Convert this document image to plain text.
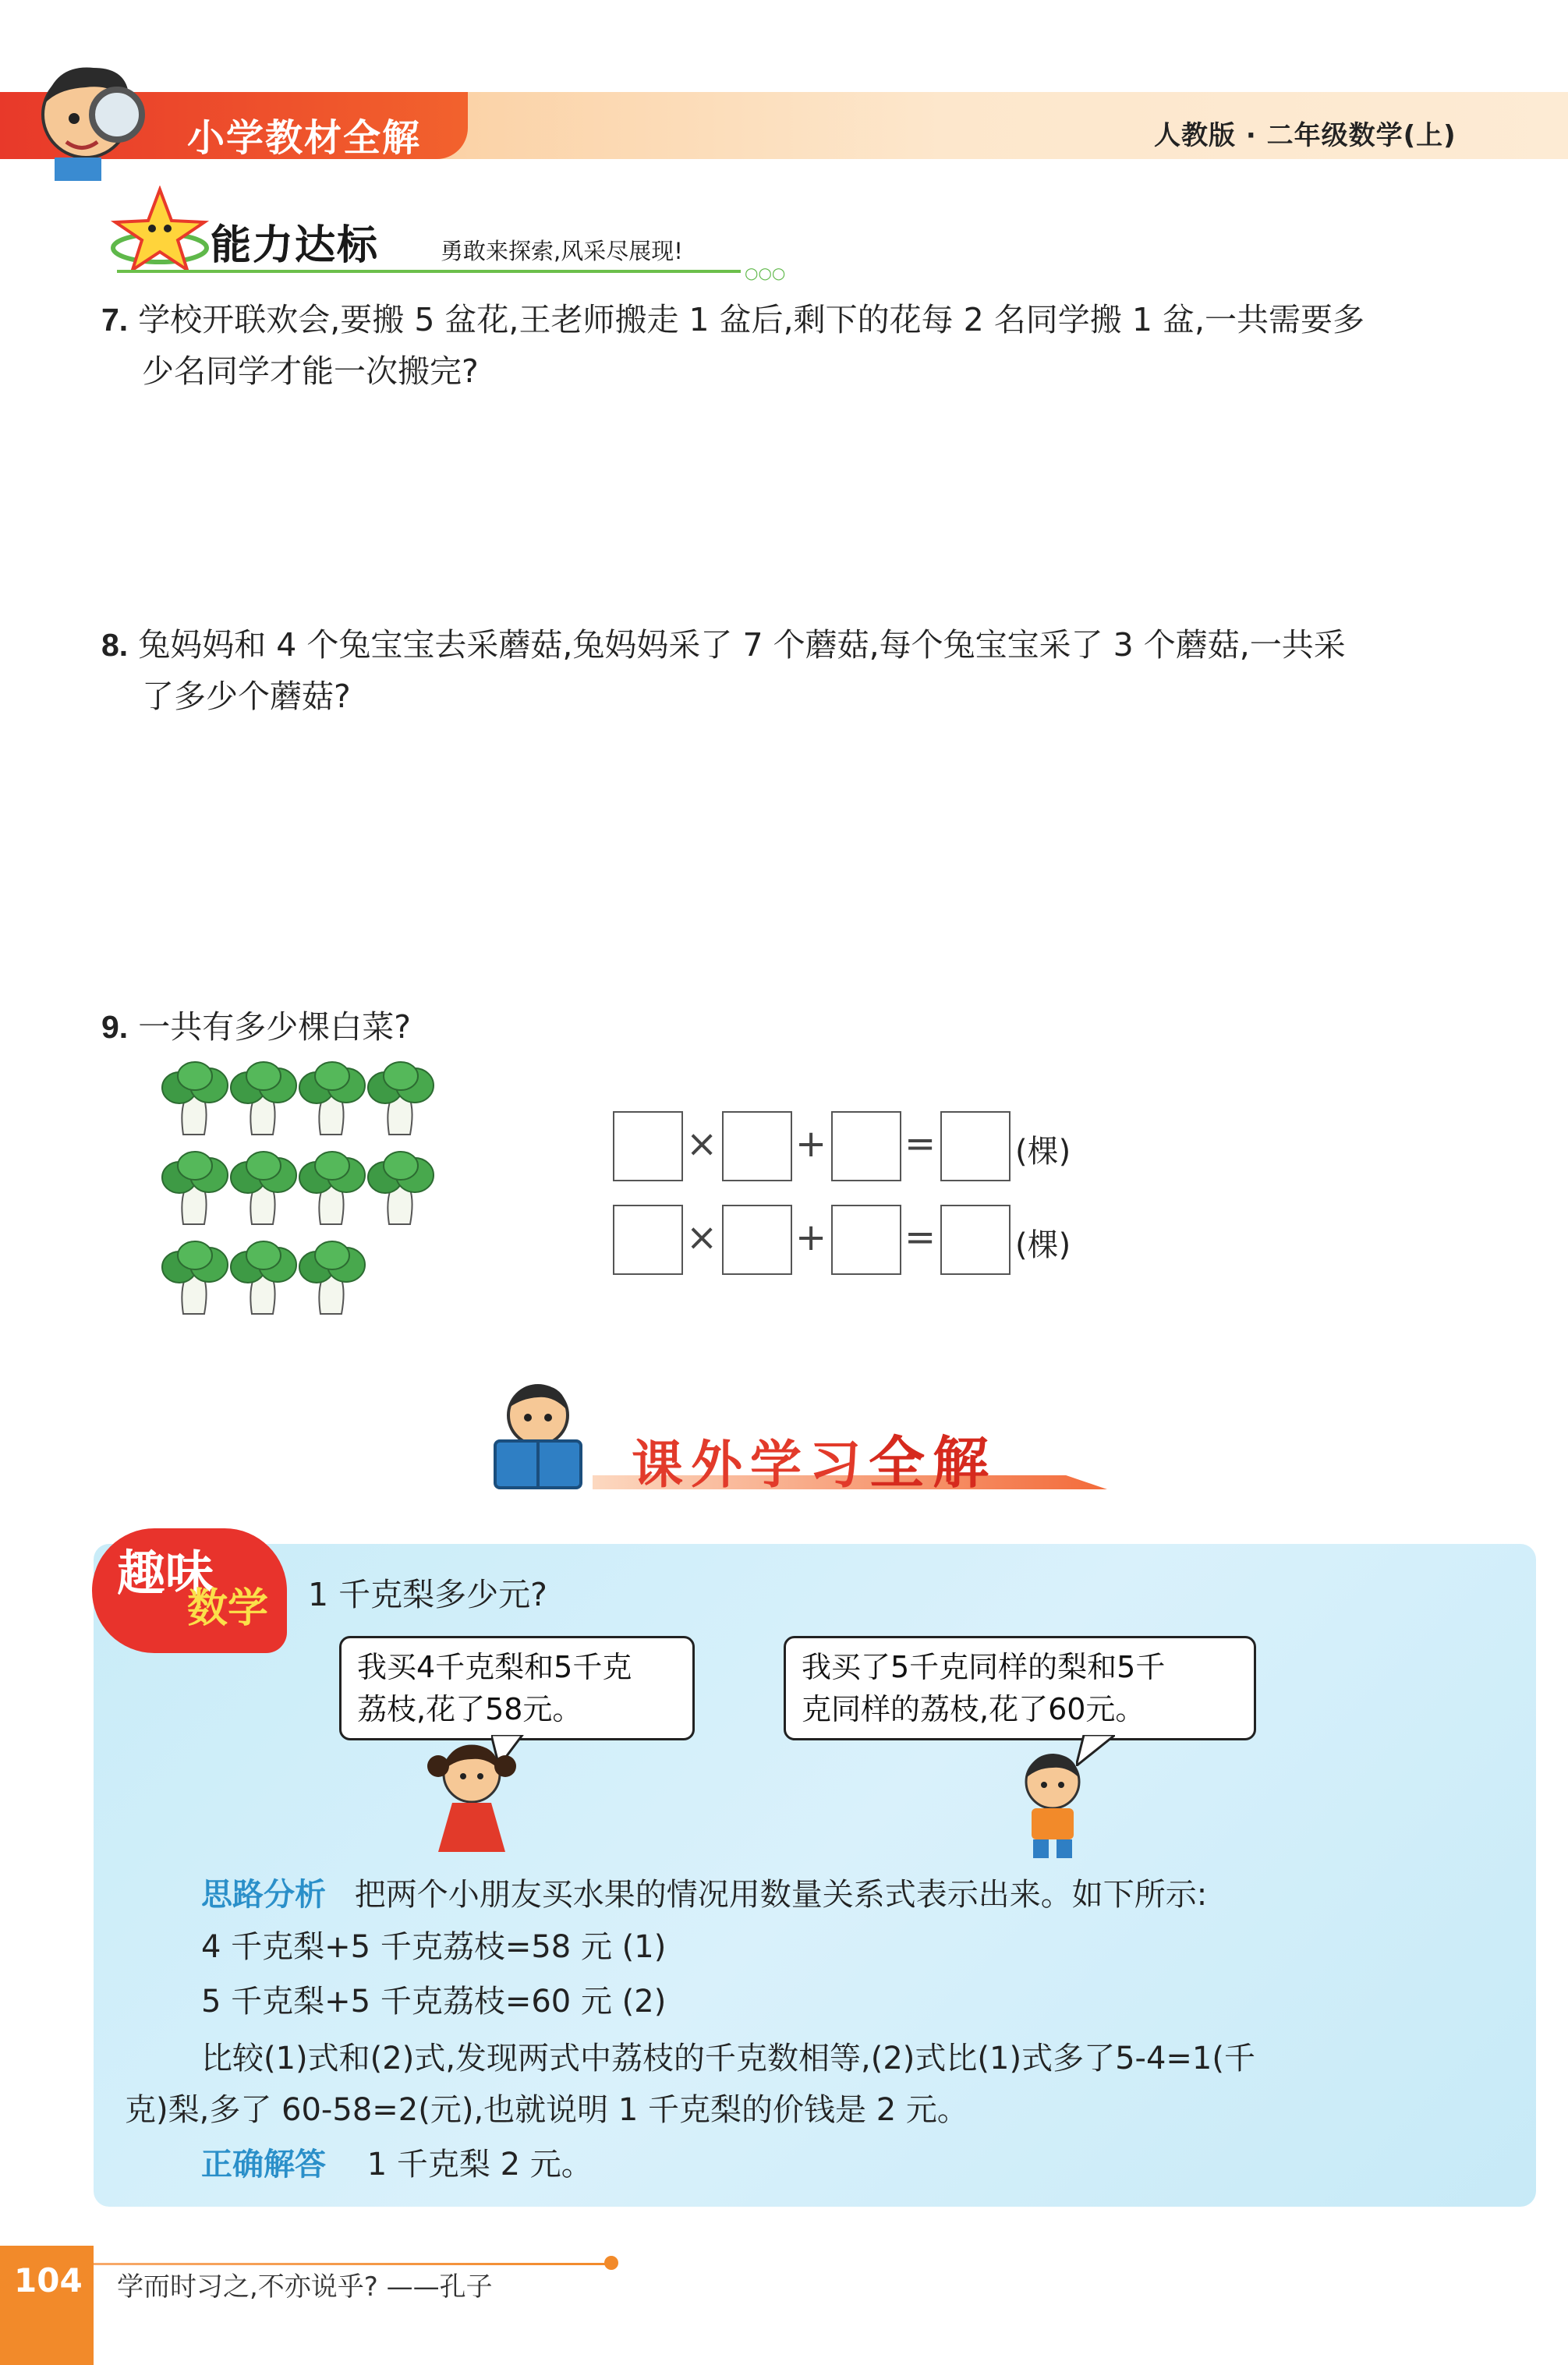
小学教材全解	人教版 · 二年级数学(上)
能力达标	勇敢来探索,风采尽展现!
○○○
7. 学校开联欢会,要搬 5 盆花,王老师搬走 1 盆后,剩下的花每 2 名同学搬 1 盆,一共需要多
少名同学才能一次搬完?
8. 兔妈妈和 4 个兔宝宝去采蘑菇,兔妈妈采了 7 个蘑菇,每个兔宝宝采了 3 个蘑菇,一共采
了多少个蘑菇?
9. 一共有多少棵白菜?
× + =	(棵)
× + =	(棵)
课外学习全解
趣味
数学 1 千克梨多少元?
我买4千克梨和5千克
荔枝,花了58元。
我买了5千克同样的梨和5千
克同样的荔枝,花了60元。
思路分析 把两个小朋友买水果的情况用数量关系式表示出来。如下所示:
4 千克梨+5 千克荔枝=58 元 (1)
5 千克梨+5 千克荔枝=60 元 (2)
比较(1)式和(2)式,发现两式中荔枝的千克数相等,(2)式比(1)式多了5-4=1(千
克)梨,多了 60-58=2(元),也就说明 1 千克梨的价钱是 2 元。
正确解答 1 千克梨 2 元。
104 学而时习之,不亦说乎? ——孔子
